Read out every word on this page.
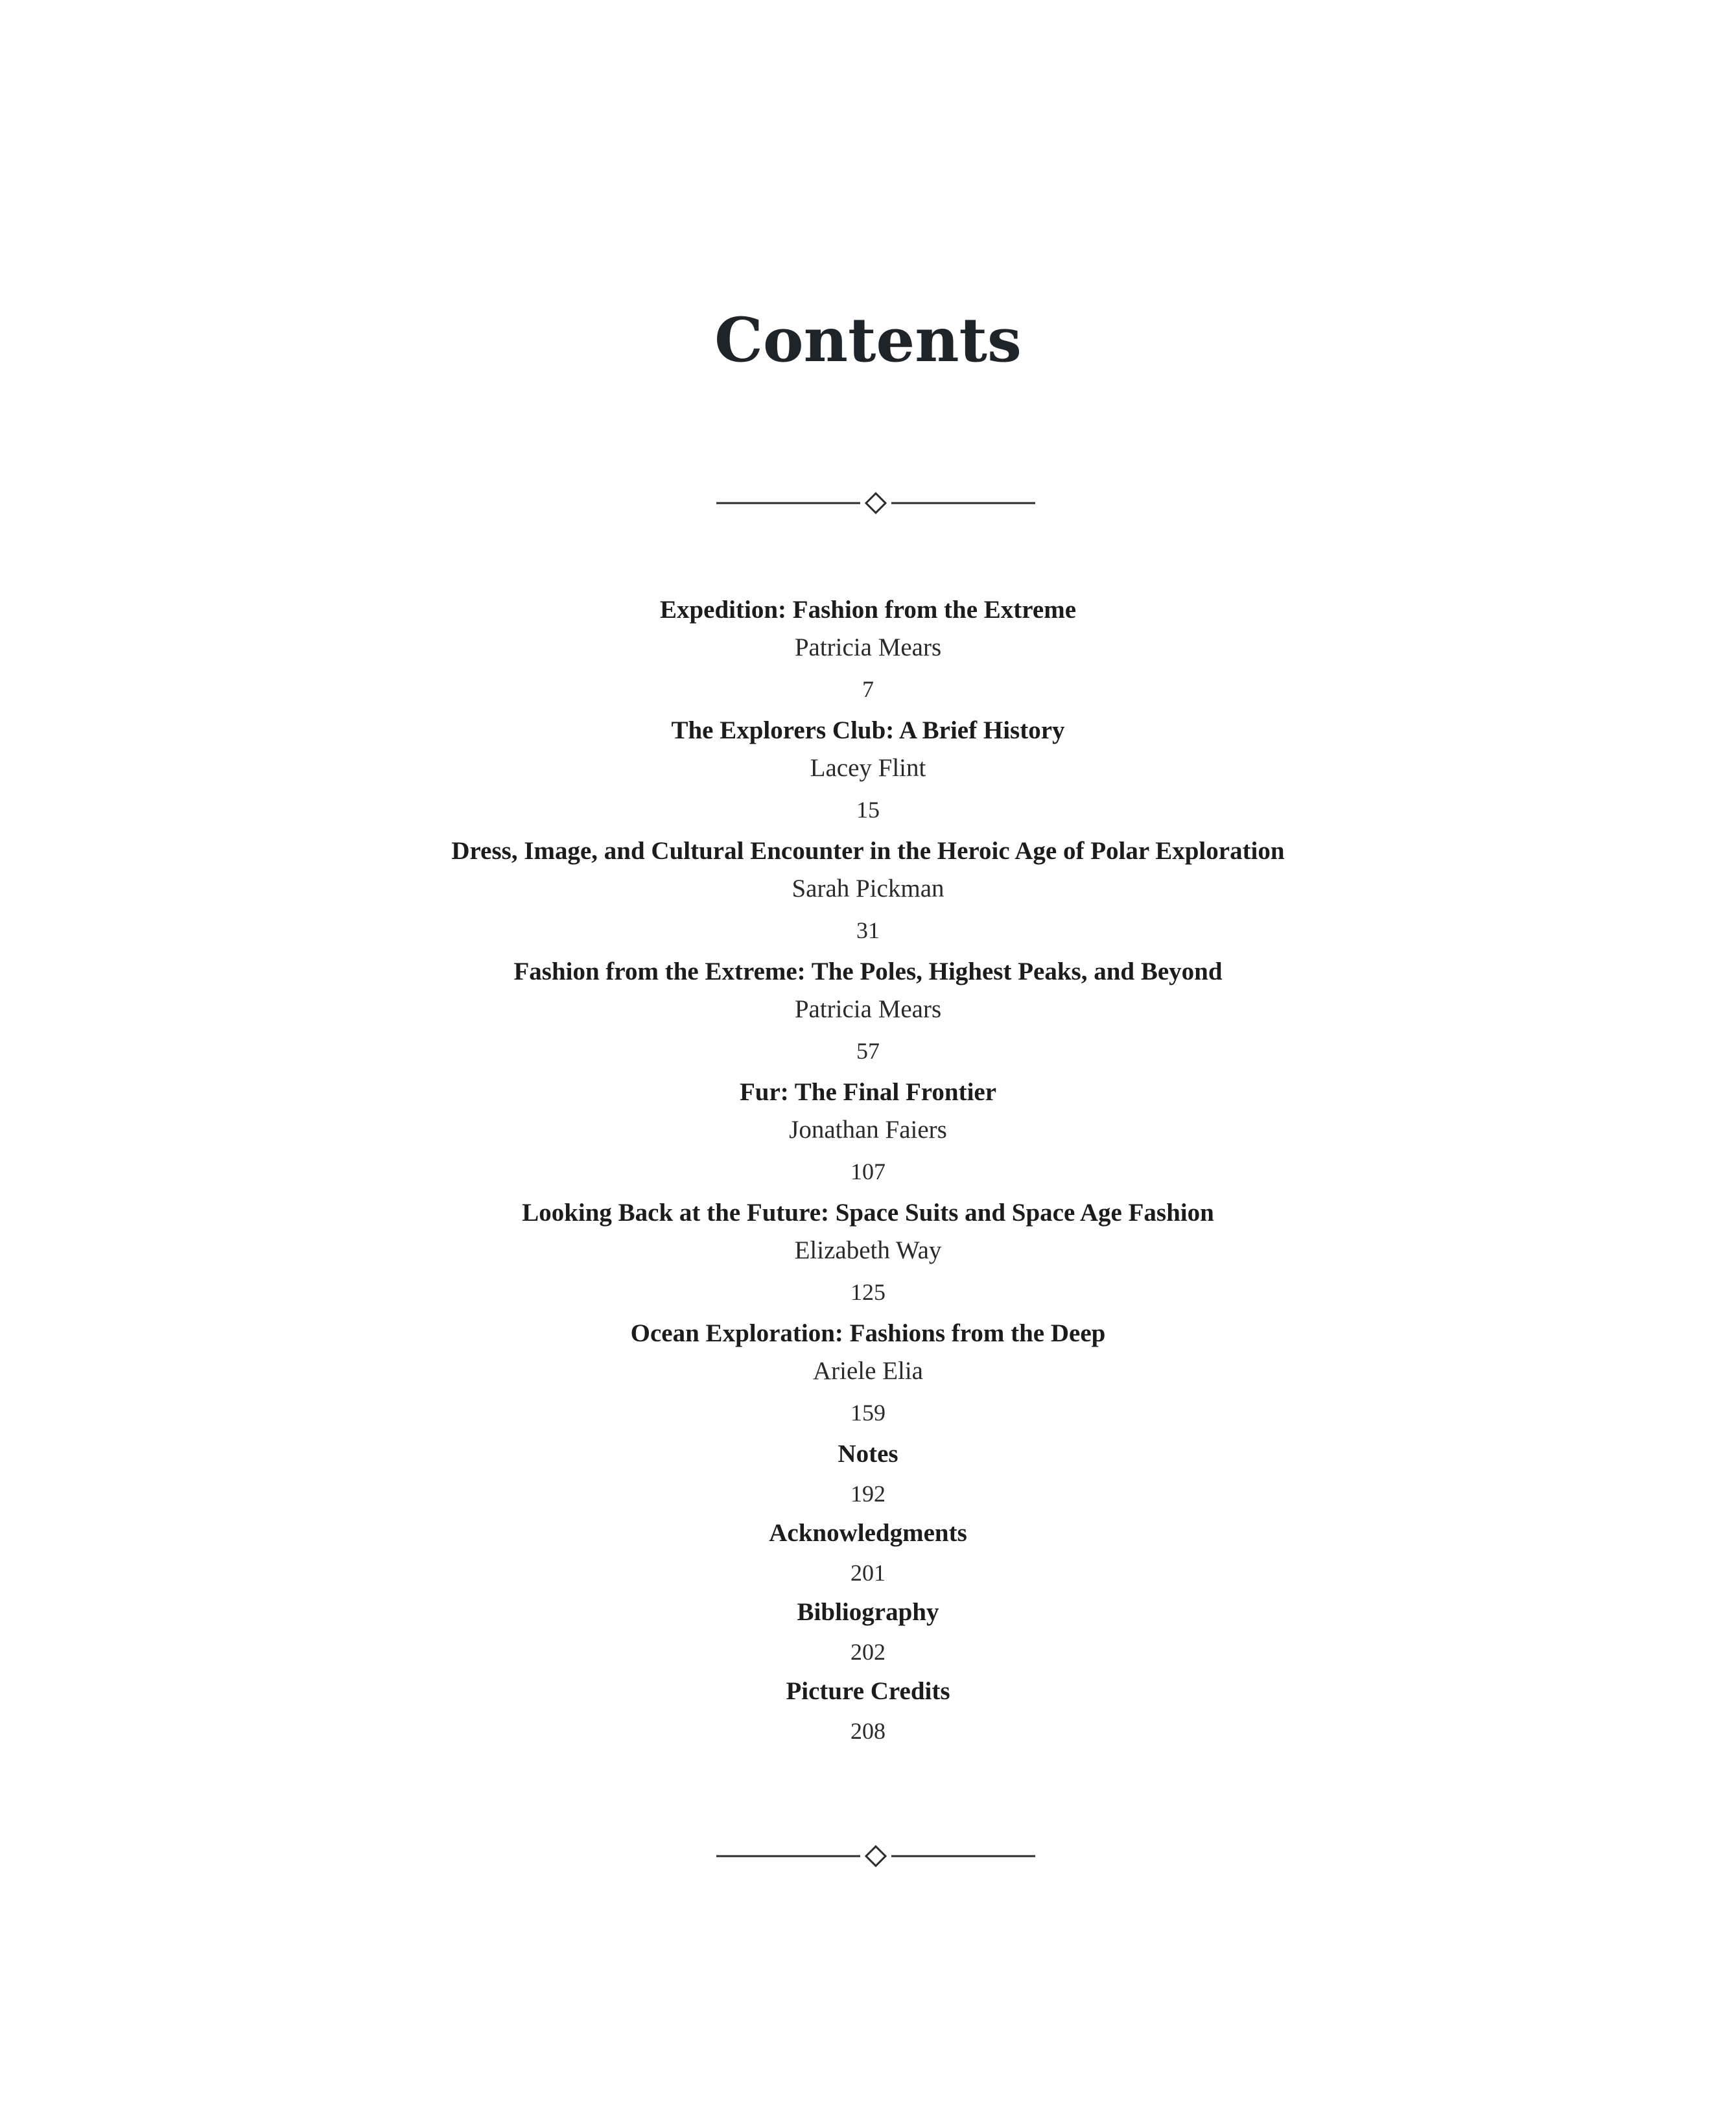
Contents
Expedition: Fashion from the Extreme
Patricia Mears
7
The Explorers Club: A Brief History
Lacey Flint
15
Dress, Image, and Cultural Encounter in the Heroic Age of Polar Exploration
Sarah Pickman
31
Fashion from the Extreme: The Poles, Highest Peaks, and Beyond
Patricia Mears
57
Fur: The Final Frontier
Jonathan Faiers
107
Looking Back at the Future: Space Suits and Space Age Fashion
Elizabeth Way
125
Ocean Exploration: Fashions from the Deep
Ariele Elia
159
Notes
192
Acknowledgments
201
Bibliography
202
Picture Credits
208
